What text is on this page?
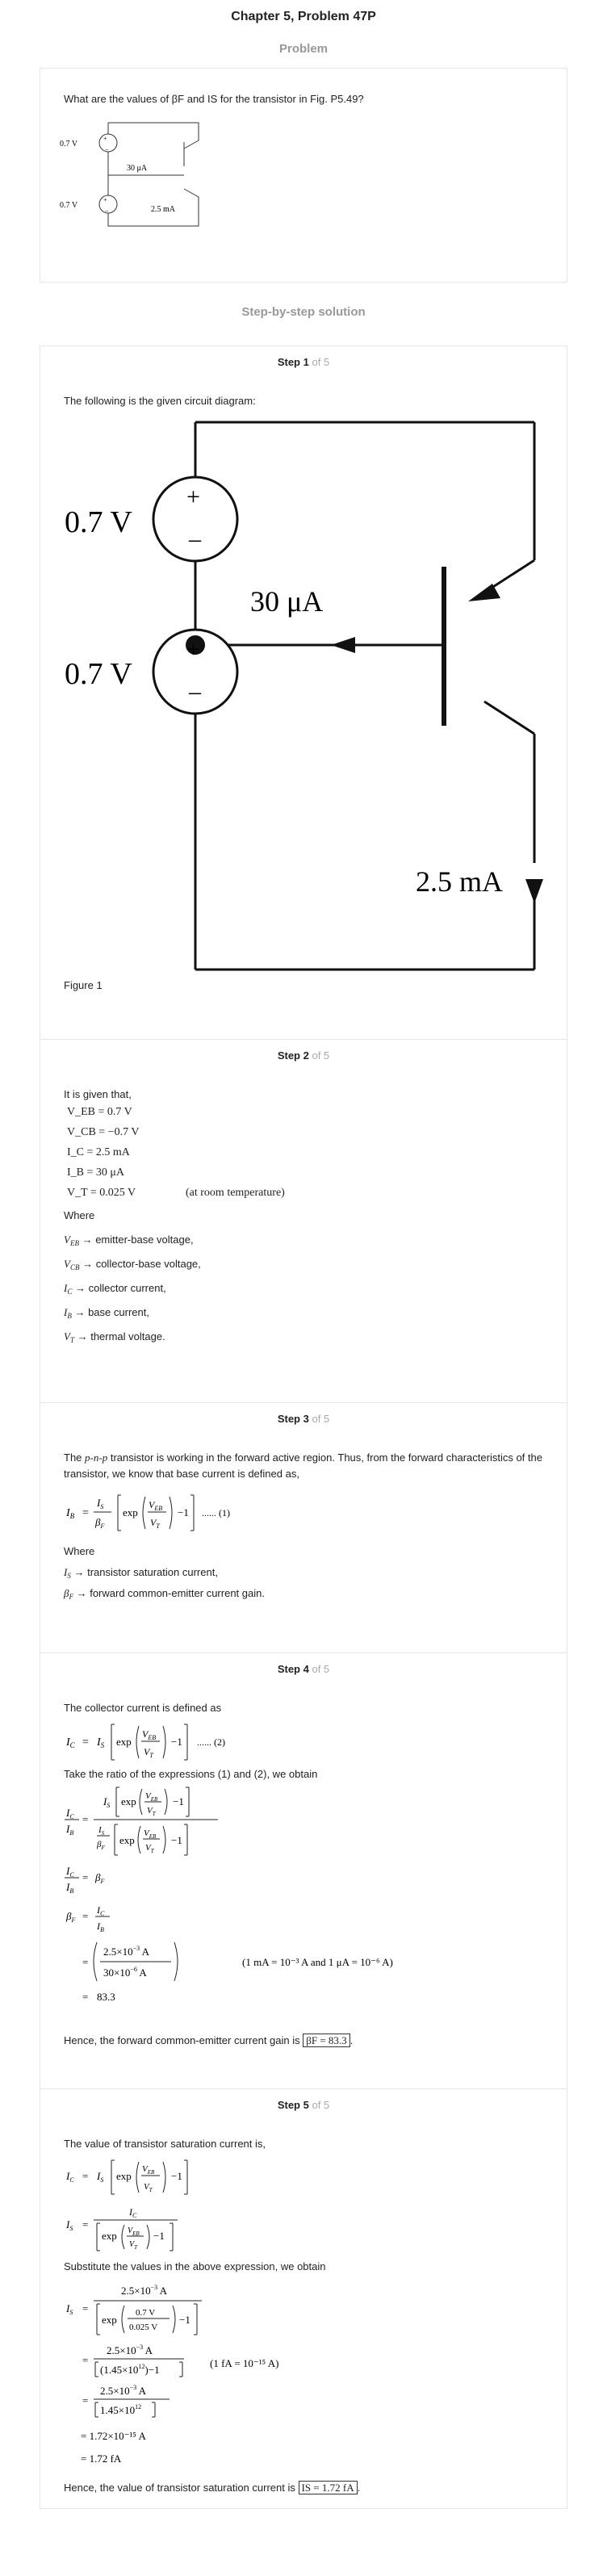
Chapter 5, Problem 47P
Problem
What are the values of βF and IS for the transistor in Fig. P5.49?
+
–
+
–
0.7 V
0.7 V
30 μA
2.5 mA
Step-by-step solution
Step 1 of 5
The following is the given circuit diagram:
+
–
+
–
0.7 V
0.7 V
30 μA
2.5 mA
Figure 1
Step 2 of 5
It is given that,
V_EB = 0.7 V
V_CB = −0.7 V
I_C = 2.5 mA
I_B = 30 μA
V_T = 0.025 V	(at room temperature)
Where
$V_{EB}$ → emitter-base voltage,
$V_{CB}$ → collector-base voltage,
$I_C$ → collector current,
$I_B$ → base current,
$V_T$ → thermal voltage.
Step 3 of 5
The p-n-p transistor is working in the forward active region. Thus, from the forward characteristics of the transistor, we know that base current is defined as,
$I_B$ =
$I_S$
$\beta_F$
exp
$V_{EB}$
$V_T$
−1 ...... (1)
Where
$I_S$ → transistor saturation current,
$\beta_F$ → forward common-emitter current gain.
Step 4 of 5
The collector current is defined as
$I_C = I_S$ exp
$V_{EB}$
$V_T$
−1 ...... (2)
Take the ratio of the expressions (1) and (2), we obtain
$I_C$
$I_B$
=
$I_S$ $\exp V_{EB}$
$V_T$
−1
$I_S$
$\beta_F$
exp
$V_{EB}$
$V_T$
−1
$I_C$
$I_B$
= $\beta_F$
$\beta_F = I_C$
$I_B$
=
$2.5\times 10^{-3}$ A
$30\times 10^{-6}$ A
(1 mA = 10⁻³ A and 1 μA = 10⁻⁶ A)
= 83.3
Hence, the forward common-emitter current gain is βF = 83.3 .
Step 5 of 5
The value of transistor saturation current is,
$I_C = I_S$ exp
$V_{EB}$
$V_T$
−1
$I_S$ =
$I_C$
$\exp V_{EB}$
$V_T$
−1
Substitute the values in the above expression, we obtain
$I_S$ =
$2.5\times 10^{-3}$ A
exp
0.7 V
0.025 V
−1
=
$2.5\times 10^{-3}$ A
$(1.45\times 10^{12})-1$
(1 fA = 10⁻¹⁵ A)
=
$2.5\times 10^{-3}$ A
$1.45\times 10^{12}$
= 1.72×10⁻¹⁵ A
= 1.72 fA
Hence, the value of transistor saturation current is IS = 1.72 fA .
